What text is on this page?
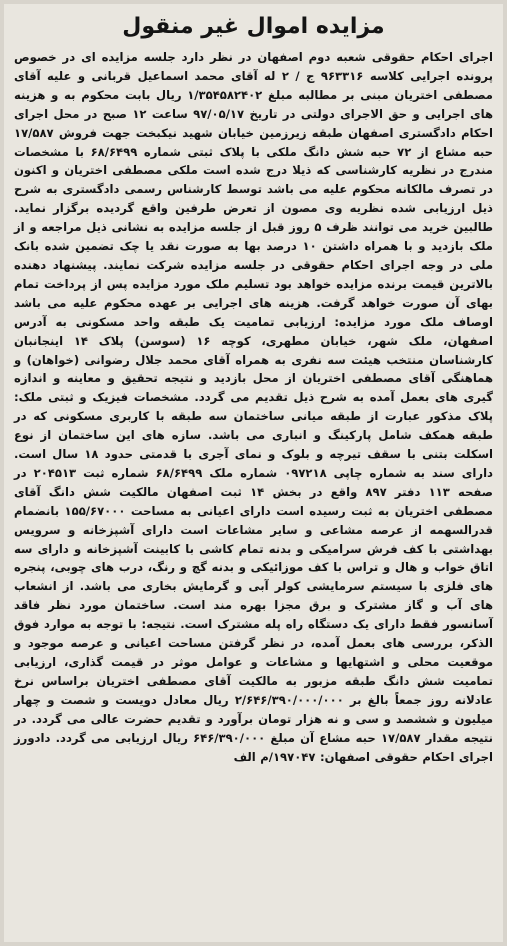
مزایده اموال غیر منقول

اجرای احکام حقوقی شعبه دوم اصفهان در نظر دارد جلسه مزایده ای در خصوص پرونده اجرایی کلاسه ۹۶۳۳۱۶ ج / ۲ له آقای محمد اسماعیل قربانی و علیه آقای مصطفی اختریان مبنی بر مطالبه مبلغ ۱/۳۵۴۵۸۲۴۰۲ ریال بابت محکوم به و هزینه های اجرایی و حق الاجرای دولتی در تاریخ ۹۷/۰۵/۱۷ ساعت ۱۲ صبح در محل اجرای احکام دادگستری اصفهان طبقه زیرزمین خیابان شهید نیکبخت جهت فروش ۱۷/۵۸۷ حبه مشاع از ۷۲ حبه شش دانگ ملکی با پلاک ثبتی شماره ۶۸/۶۴۹۹ با مشخصات مندرج در نظریه کارشناسی که ذیلا درج شده است ملکی مصطفی اختریان و اکنون در تصرف مالکانه محکوم علیه می باشد توسط کارشناس رسمی دادگستری به شرح ذیل ارزیابی شده نظریه وی مصون از تعرض طرفین واقع گردیده برگزار نماید. طالبین خرید می توانند ظرف ۵ روز قبل از جلسه مزایده به نشانی ذیل مراجعه و از ملک بازدید و با همراه داشتن ۱۰ درصد بها به صورت نقد یا چک تضمین شده بانک ملی در وجه اجرای احکام حقوقی در جلسه مزایده شرکت نمایند. پیشنهاد دهنده بالاترین قیمت برنده مزایده خواهد بود تسلیم ملک مورد مزایده پس از پرداخت تمام بهای آن صورت خواهد گرفت. هزینه های اجرایی بر عهده محکوم علیه می باشد اوصاف ملک مورد مزایده: ارزیابی تمامیت یک طبقه واحد مسکونی به آدرس اصفهان، ملک شهر، خیابان مطهری، کوچه ۱۶ (سوسن) پلاک ۱۴ اینجانبان کارشناسان منتخب هیئت سه نفری به همراه آقای محمد جلال رضوانی (خواهان) و هماهنگی آقای مصطفی اختریان از محل بازدید و نتیجه تحقیق و معاینه و اندازه گیری های بعمل آمده به شرح ذیل تقدیم می گردد. مشخصات فیزیک و ثبتی ملک: پلاک مذکور عبارت از طبقه میانی ساختمان سه طبقه با کاربری مسکونی که در طبقه همکف شامل پارکینگ و انباری می باشد. سازه های این ساختمان از نوع اسکلت بتنی با سقف تیرچه و بلوک و نمای آجری با قدمتی حدود ۱۸ سال است. دارای سند به شماره چاپی ۰۹۷۲۱۸ شماره ملک ۶۸/۶۴۹۹ شماره ثبت ۲۰۴۵۱۳ در صفحه ۱۱۳ دفتر ۸۹۷ واقع در بخش ۱۴ ثبت اصفهان مالکیت شش دانگ آقای مصطفی اختریان به ثبت رسیده است دارای اعیانی به مساحت ۱۵۵/۶۷۰۰۰ بانضمام قدرالسهمه از عرصه مشاعی و سایر مشاعات است دارای آشپزخانه و سرویس بهداشتی با کف فرش سرامیکی و بدنه تمام کاشی با کابینت آشپزخانه و دارای سه اتاق خواب و هال و تراس با کف موزائیکی و بدنه گچ و رنگ، درب های چوبی، پنجره های فلزی با سیستم سرمایشی کولر آبی و گرمایش بخاری می باشد. از انشعاب های آب و گاز مشترک و برق مجزا بهره مند است. ساختمان مورد نظر فاقد آسانسور فقط دارای یک دستگاه راه پله مشترک است. نتیجه: با توجه به موارد فوق الذکر، بررسی های بعمل آمده، در نظر گرفتن مساحت اعیانی و عرصه موجود و موقعیت محلی و اشتهایها و مشاعات و عوامل موثر در قیمت گذاری، ارزیابی تمامیت شش دانگ طبقه مزبور به مالکیت آقای مصطفی اختریان براساس نرخ عادلانه روز جمعاً بالغ بر ۲/۶۴۶/۳۹۰/۰۰۰/۰۰۰ ریال معادل دویست و شصت و چهار میلیون و ششصد و سی و نه هزار تومان برآورد و تقدیم حضرت عالی می گردد. در نتیجه مقدار ۱۷/۵۸۷ حبه مشاع آن مبلغ ۶۴۶/۳۹۰/۰۰۰ ریال ارزیابی می گردد. دادورز اجرای احکام حقوقی اصفهان: ۱۹۷۰۴۷/م الف
